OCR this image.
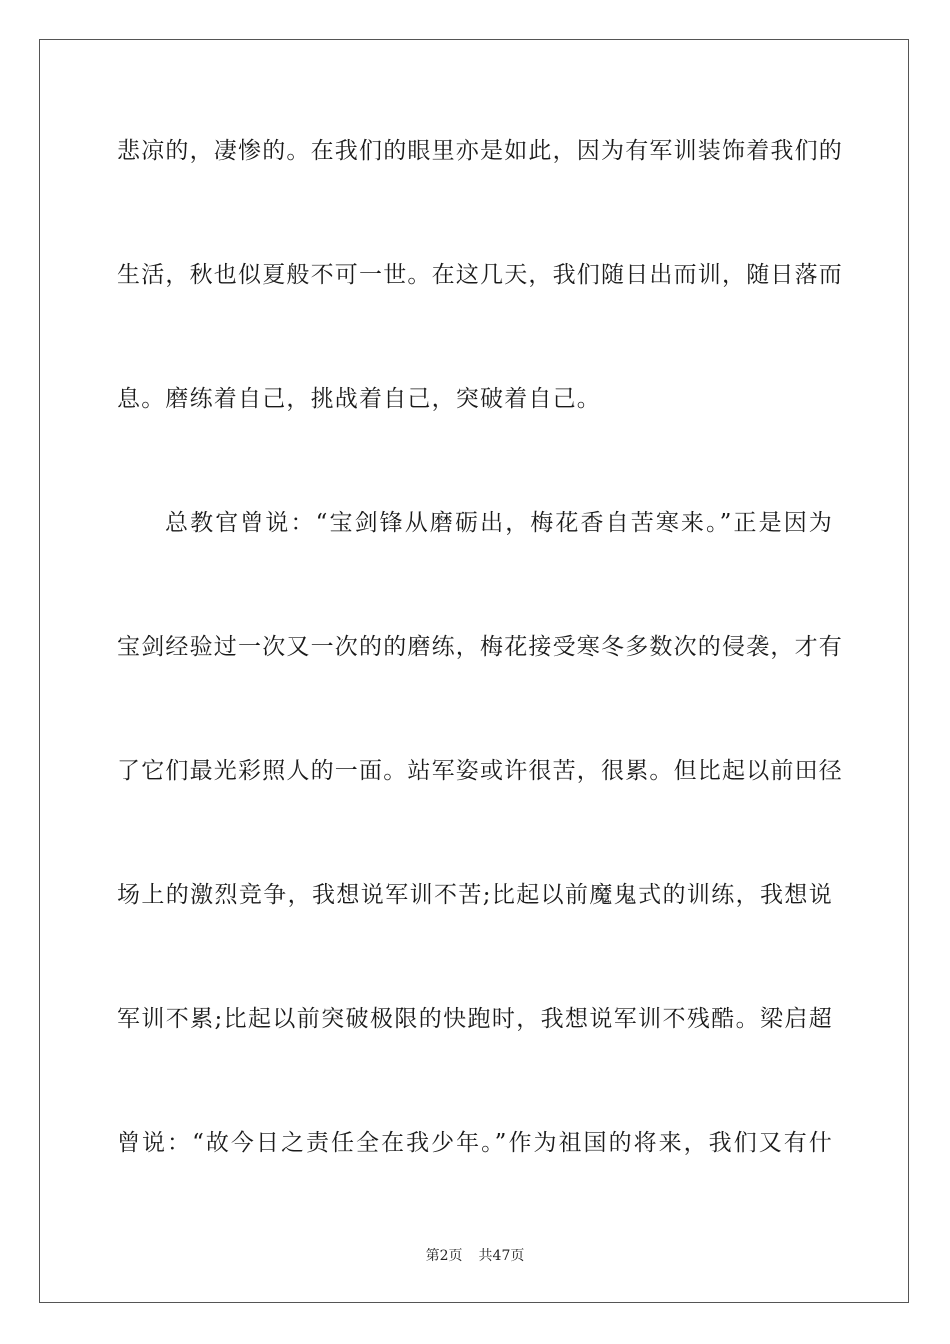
悲凉的，凄惨的。在我们的眼里亦是如此，因为有军训装饰着我们的
生活，秋也似夏般不可一世。在这几天，我们随日出而训，随日落而
息。磨练着自己，挑战着自己，突破着自己。
总教官曾说：“宝剑锋从磨砺出，梅花香自苦寒来。”正是因为
宝剑经验过一次又一次的的磨练，梅花接受寒冬多数次的侵袭，才有
了它们最光彩照人的一面。站军姿或许很苦，很累。但比起以前田径
场上的激烈竞争，我想说军训不苦;比起以前魔鬼式的训练，我想说
军训不累;比起以前突破极限的快跑时，我想说军训不残酷。梁启超
曾说：“故今日之责任全在我少年。”作为祖国的将来，我们又有什
第2页 共47页
